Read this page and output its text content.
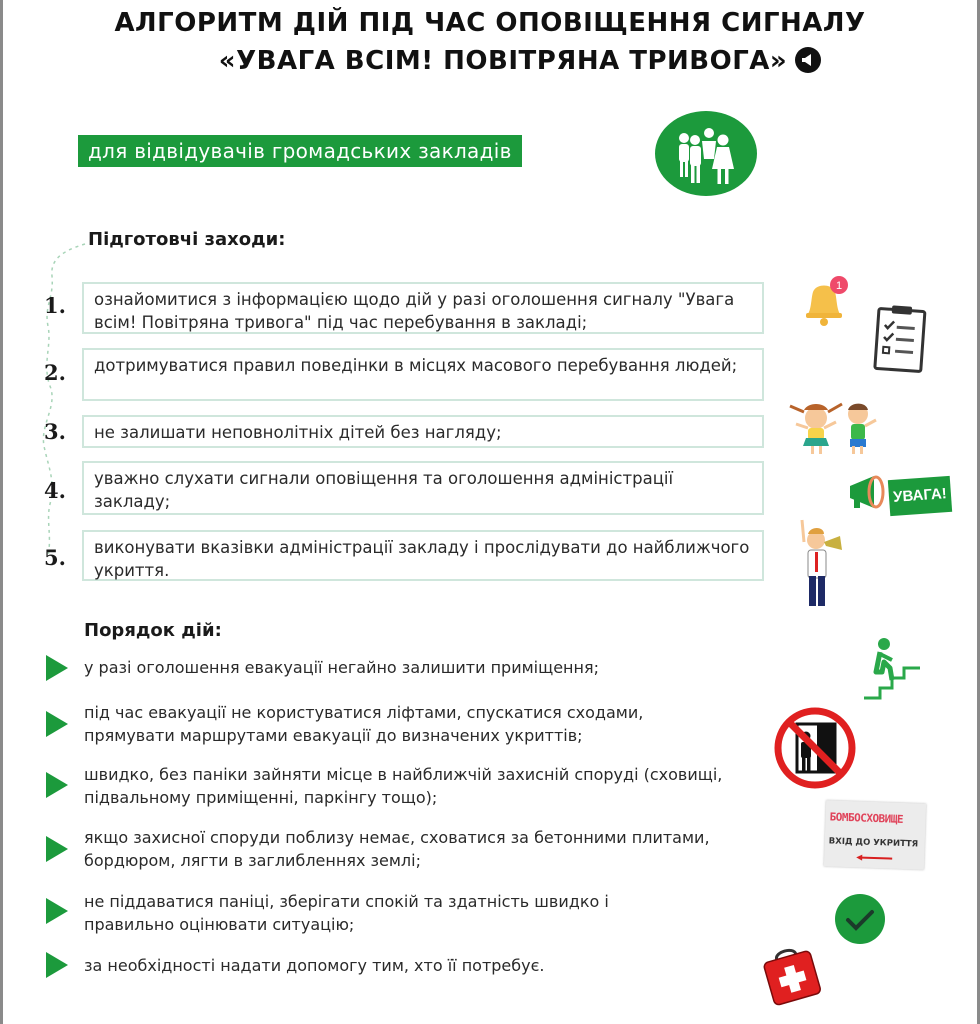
АЛГОРИТМ ДІЙ ПІД ЧАС ОПОВІЩЕННЯ СИГНАЛУ
«УВАГА ВСІМ! ПОВІТРЯНА ТРИВОГА»
для відвідувачів громадських закладів
Підготовчі заходи:
1.	ознайомитися з інформацією щодо дій у разі оголошення сигналу "Увага всім! Повітряна тривога" під час перебування в закладі;
2.	дотримуватися правил поведінки в місцях масового перебування людей;
3.	не залишати неповнолітніх дітей без нагляду;
4.	уважно слухати сигнали оповіщення та оголошення адміністрації закладу;
5.	виконувати вказівки адміністрації закладу і прослідувати до найближчого укриття.
1
УВАГА!
Порядок дій:
у разі оголошення евакуації негайно залишити приміщення;
під час евакуації не користуватися ліфтами, спускатися сходами, прямувати маршрутами евакуації до визначених укриттів;
швидко, без паніки зайняти місце в найближчій захисній споруді (сховищі, підвальному приміщенні, паркінгу тощо);
якщо захисної споруди поблизу немає, сховатися за бетонними плитами, бордюром, лягти в заглибленнях землі;
не піддаватися паніці, зберігати спокій та здатність швидко і правильно оцінювати ситуацію;
за необхідності надати допомогу тим, хто її потребує.
БОМБОСХОВИЩЕ
ВХІД ДО УКРИТТЯ
